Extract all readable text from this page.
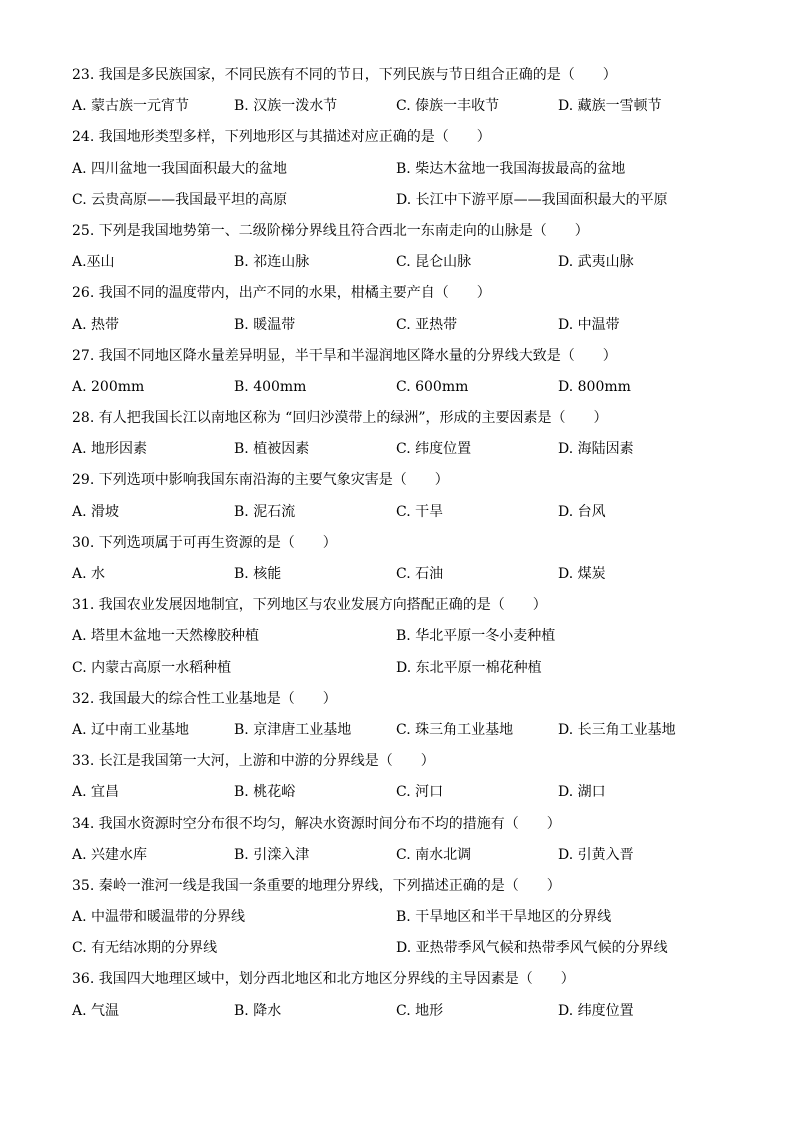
23. 我国是多民族国家，不同民族有不同的节日，下列民族与节日组合正确的是（　　）
A. 蒙古族一元宵节	B. 汉族一泼水节	C. 傣族一丰收节	D. 藏族一雪顿节
24. 我国地形类型多样，下列地形区与其描述对应正确的是（　　）
A. 四川盆地一我国面积最大的盆地	B. 柴达木盆地一我国海拔最高的盆地
C. 云贵高原——我国最平坦的高原	D. 长江中下游平原——我国面积最大的平原
25. 下列是我国地势第一、二级阶梯分界线且符合西北一东南走向的山脉是（　　）
A.巫山	B. 祁连山脉	C. 昆仑山脉	D. 武夷山脉
26. 我国不同的温度带内，出产不同的水果，柑橘主要产自（　　）
A. 热带	B. 暖温带	C. 亚热带	D. 中温带
27. 我国不同地区降水量差异明显，半干旱和半湿润地区降水量的分界线大致是（　　）
A. 200mm	B. 400mm	C. 600mm	D. 800mm
28. 有人把我国长江以南地区称为 “回归沙漠带上的绿洲”，形成的主要因素是（　　）
A. 地形因素	B. 植被因素	C. 纬度位置	D. 海陆因素
29. 下列选项中影响我国东南沿海的主要气象灾害是（　　）
A. 滑坡	B. 泥石流	C. 干旱	D. 台风
30. 下列选项属于可再生资源的是（　　）
A. 水	B. 核能	C. 石油	D. 煤炭
31. 我国农业发展因地制宜，下列地区与农业发展方向搭配正确的是（　　）
A. 塔里木盆地一天然橡胶种植	B. 华北平原一冬小麦种植
C. 内蒙古高原一水稻种植	D. 东北平原一棉花种植
32. 我国最大的综合性工业基地是（　　）
A. 辽中南工业基地	B. 京津唐工业基地	C. 珠三角工业基地	D. 长三角工业基地
33. 长江是我国第一大河，上游和中游的分界线是（　　）
A. 宜昌	B. 桃花峪	C. 河口	D. 湖口
34. 我国水资源时空分布很不均匀，解决水资源时间分布不均的措施有（　　）
A. 兴建水库	B. 引滦入津	C. 南水北调	D. 引黄入晋
35. 秦岭一淮河一线是我国一条重要的地理分界线，下列描述正确的是（　　）
A. 中温带和暖温带的分界线	B. 干旱地区和半干旱地区的分界线
C. 有无结冰期的分界线	D. 亚热带季风气候和热带季风气候的分界线
36. 我国四大地理区域中，划分西北地区和北方地区分界线的主导因素是（　　）
A. 气温	B. 降水	C. 地形	D. 纬度位置
